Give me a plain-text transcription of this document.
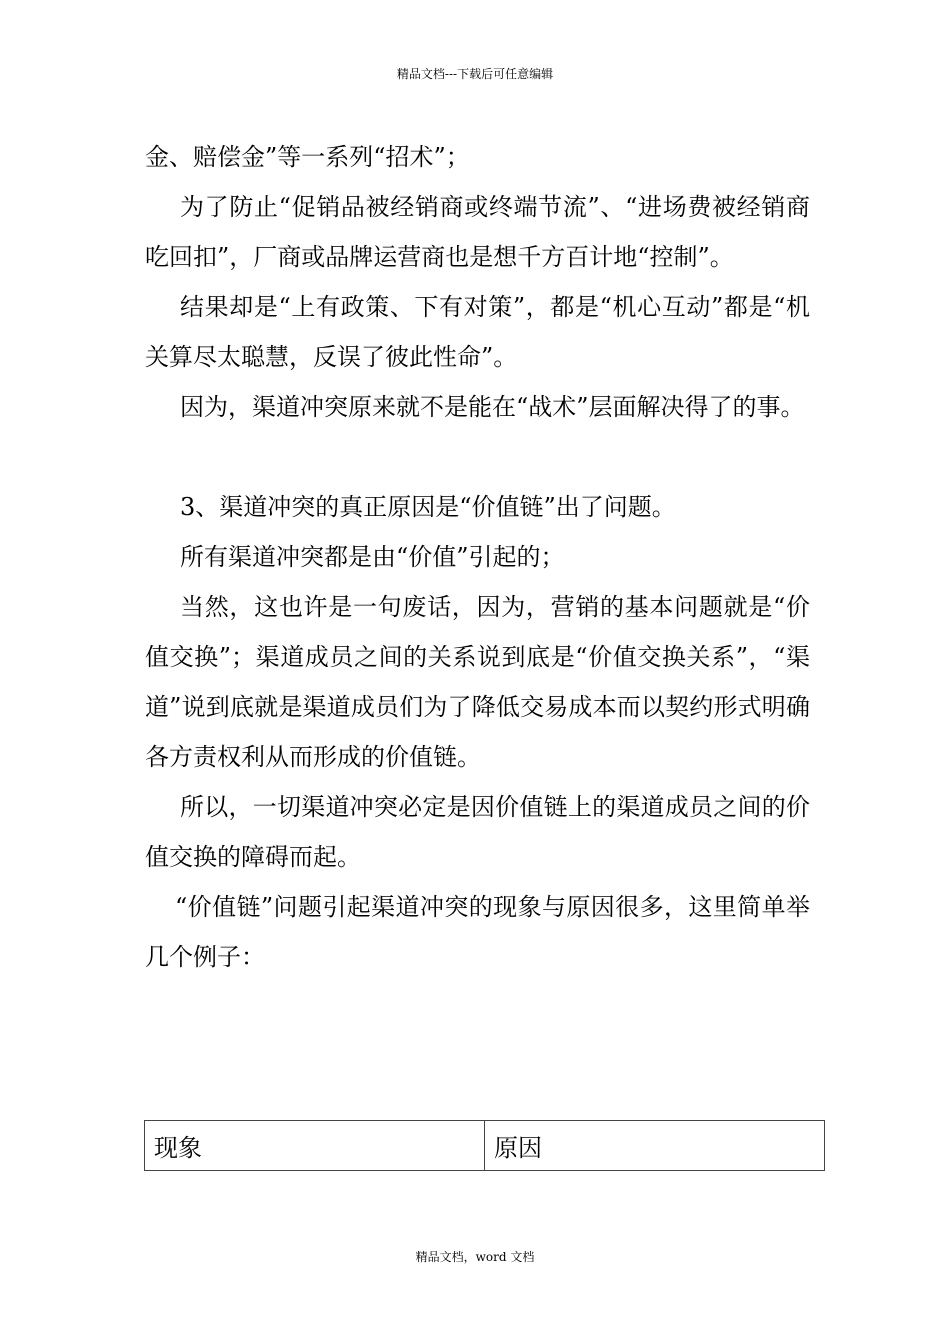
精品文档---下载后可任意编辑

金、赔偿金”等一系列“招术”；

为了防止“促销品被经销商或终端节流”、“进场费被经销商吃回扣”，厂商或品牌运营商也是想千方百计地“控制”。

结果却是“上有政策、下有对策”，都是“机心互动”都是“机关算尽太聪慧，反误了彼此性命”。

因为，渠道冲突原来就不是能在“战术”层面解决得了的事。

3、渠道冲突的真正原因是“价值链”出了问题。

所有渠道冲突都是由“价值”引起的；

当然，这也许是一句废话，因为，营销的基本问题就是“价值交换”；渠道成员之间的关系说到底是“价值交换关系”，“渠道”说到底就是渠道成员们为了降低交易成本而以契约形式明确各方责权利从而形成的价值链。

所以，一切渠道冲突必定是因价值链上的渠道成员之间的价值交换的障碍而起。

“价值链”问题引起渠道冲突的现象与原因很多，这里简单举几个例子：

现象	原因
精品文档，word 文档
